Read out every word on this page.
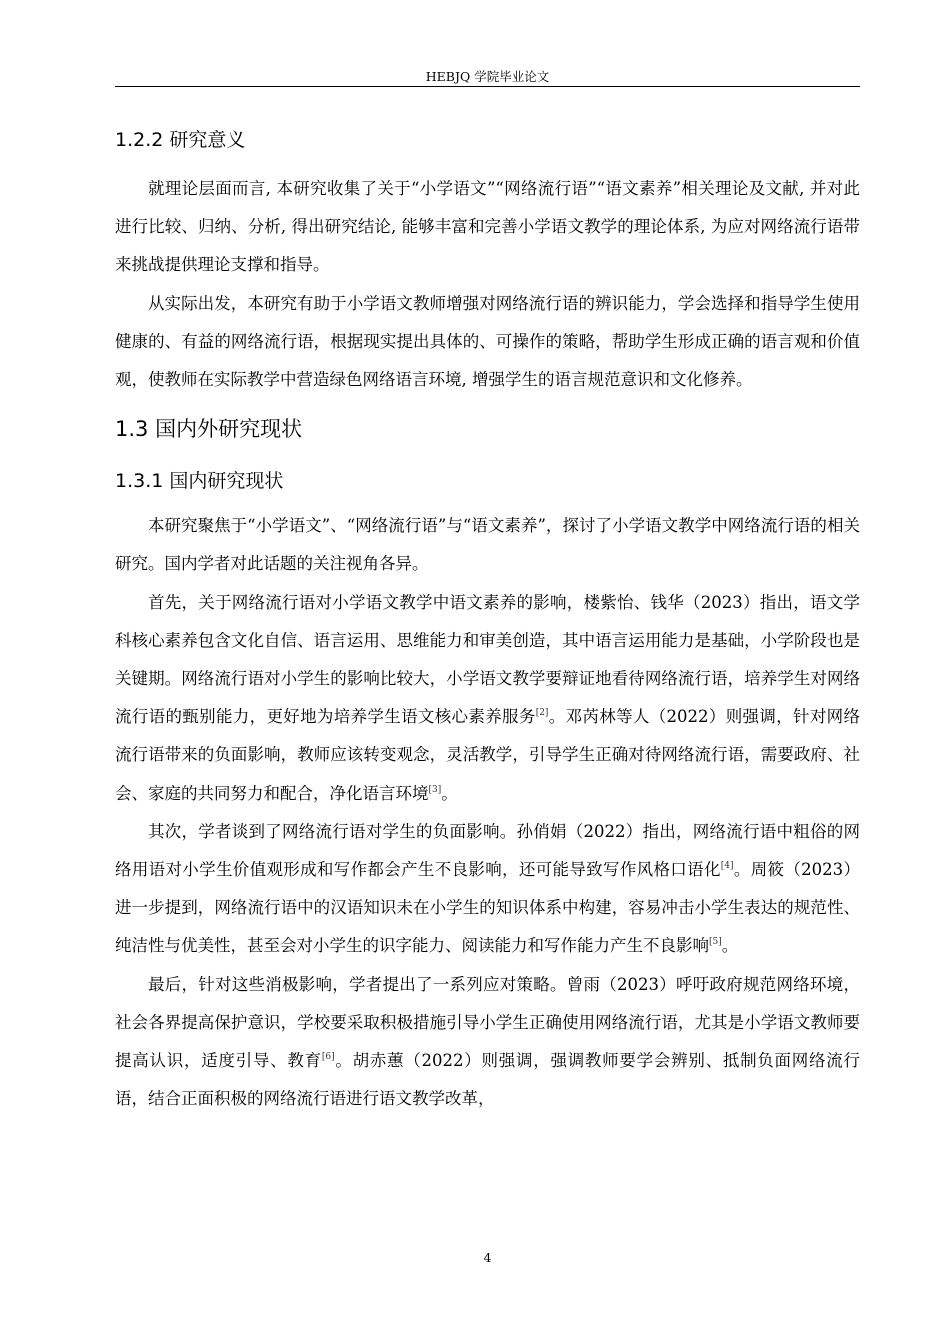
HEBJQ 学院毕业论文
1.2.2 研究意义

就理论层面而言, 本研究收集了关于“小学语文”“网络流行语”“语文素养”相关理论及文献, 并对此进行比较、归纳、分析, 得出研究结论, 能够丰富和完善小学语文教学的理论体系, 为应对网络流行语带来挑战提供理论支撑和指导。

从实际出发，本研究有助于小学语文教师增强对网络流行语的辨识能力，学会选择和指导学生使用健康的、有益的网络流行语，根据现实提出具体的、可操作的策略，帮助学生形成正确的语言观和价值观，使教师在实际教学中营造绿色网络语言环境, 增强学生的语言规范意识和文化修养。

1.3 国内外研究现状
1.3.1 国内研究现状

本研究聚焦于“小学语文”、“网络流行语”与“语文素养”，探讨了小学语文教学中网络流行语的相关研究。国内学者对此话题的关注视角各异。

首先，关于网络流行语对小学语文教学中语文素养的影响，楼紫怡、钱华（2023）指出，语文学科核心素养包含文化自信、语言运用、思维能力和审美创造，其中语言运用能力是基础，小学阶段也是关键期。网络流行语对小学生的影响比较大，小学语文教学要辩证地看待网络流行语，培养学生对网络流行语的甄别能力，更好地为培养学生语文核心素养服务[2]。邓芮林等人（2022）则强调，针对网络流行语带来的负面影响，教师应该转变观念，灵活教学，引导学生正确对待网络流行语，需要政府、社会、家庭的共同努力和配合，净化语言环境[3]。

其次，学者谈到了网络流行语对学生的负面影响。孙俏娟（2022）指出，网络流行语中粗俗的网络用语对小学生价值观形成和写作都会产生不良影响，还可能导致写作风格口语化[4]。周筱（2023）进一步提到，网络流行语中的汉语知识未在小学生的知识体系中构建，容易冲击小学生表达的规范性、纯洁性与优美性，甚至会对小学生的识字能力、阅读能力和写作能力产生不良影响[5]。

最后，针对这些消极影响，学者提出了一系列应对策略。曾雨（2023）呼吁政府规范网络环境，社会各界提高保护意识，学校要采取积极措施引导小学生正确使用网络流行语，尤其是小学语文教师要提高认识，适度引导、教育[6]。胡赤蕙（2022）则强调，强调教师要学会辨别、抵制负面网络流行语，结合正面积极的网络流行语进行语文教学改革，

4
